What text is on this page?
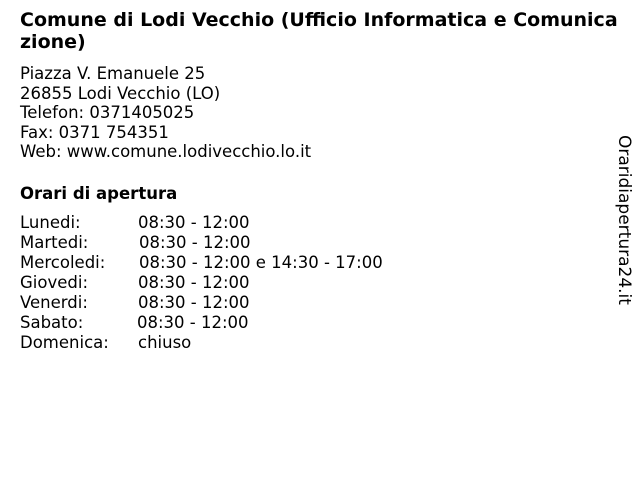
Comune di Lodi Vecchio (Ufficio Informatica e Comunicazione)
Piazza V. Emanuele 25
26855 Lodi Vecchio (LO)
Telefon: 0371405025
Fax: 0371 754351
Web: www.comune.lodivecchio.lo.it
Orari di apertura
Lunedi:	08:30 - 12:00
Martedi:	08:30 - 12:00
Mercoledi: 08:30 - 12:00 e 14:30 - 17:00
Giovedi:	08:30 - 12:00
Venerdi:	08:30 - 12:00
Sabato:	08:30 - 12:00
Domenica: chiuso
Oraridiapertura24.it
